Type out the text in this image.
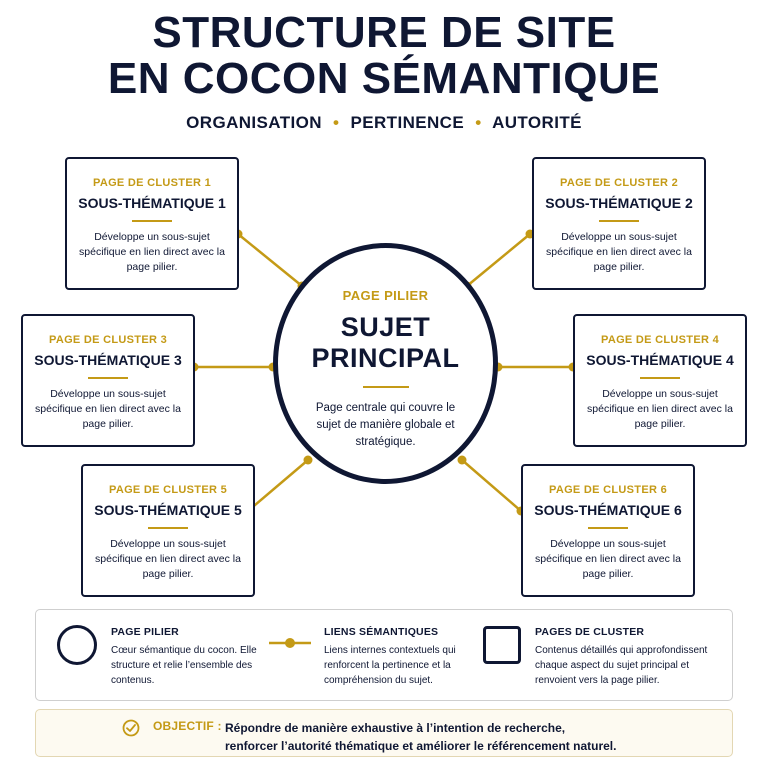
STRUCTURE DE SITE
EN COCON SÉMANTIQUE
ORGANISATION • PERTINENCE • AUTORITÉ
PAGE DE CLUSTER 1
SOUS-THÉMATIQUE 1
Développe un sous-sujet spécifique en lien direct avec la page pilier.
PAGE DE CLUSTER 2
SOUS-THÉMATIQUE 2
Développe un sous-sujet spécifique en lien direct avec la page pilier.
PAGE DE CLUSTER 3
SOUS-THÉMATIQUE 3
Développe un sous-sujet spécifique en lien direct avec la page pilier.
PAGE DE CLUSTER 4
SOUS-THÉMATIQUE 4
Développe un sous-sujet spécifique en lien direct avec la page pilier.
PAGE DE CLUSTER 5
SOUS-THÉMATIQUE 5
Développe un sous-sujet spécifique en lien direct avec la page pilier.
PAGE DE CLUSTER 6
SOUS-THÉMATIQUE 6
Développe un sous-sujet spécifique en lien direct avec la page pilier.
PAGE PILIER
SUJET
PRINCIPAL
Page centrale qui couvre le sujet de manière globale et stratégique.
PAGE PILIER
Cœur sémantique du cocon. Elle structure et relie l’ensemble des contenus.
LIENS SÉMANTIQUES
Liens internes contextuels qui renforcent la pertinence et la compréhension du sujet.
PAGES DE CLUSTER
Contenus détaillés qui approfondissent chaque aspect du sujet principal et renvoient vers la page pilier.
OBJECTIF : Répondre de manière exhaustive à l’intention de recherche,
renforcer l’autorité thématique et améliorer le référencement naturel.
